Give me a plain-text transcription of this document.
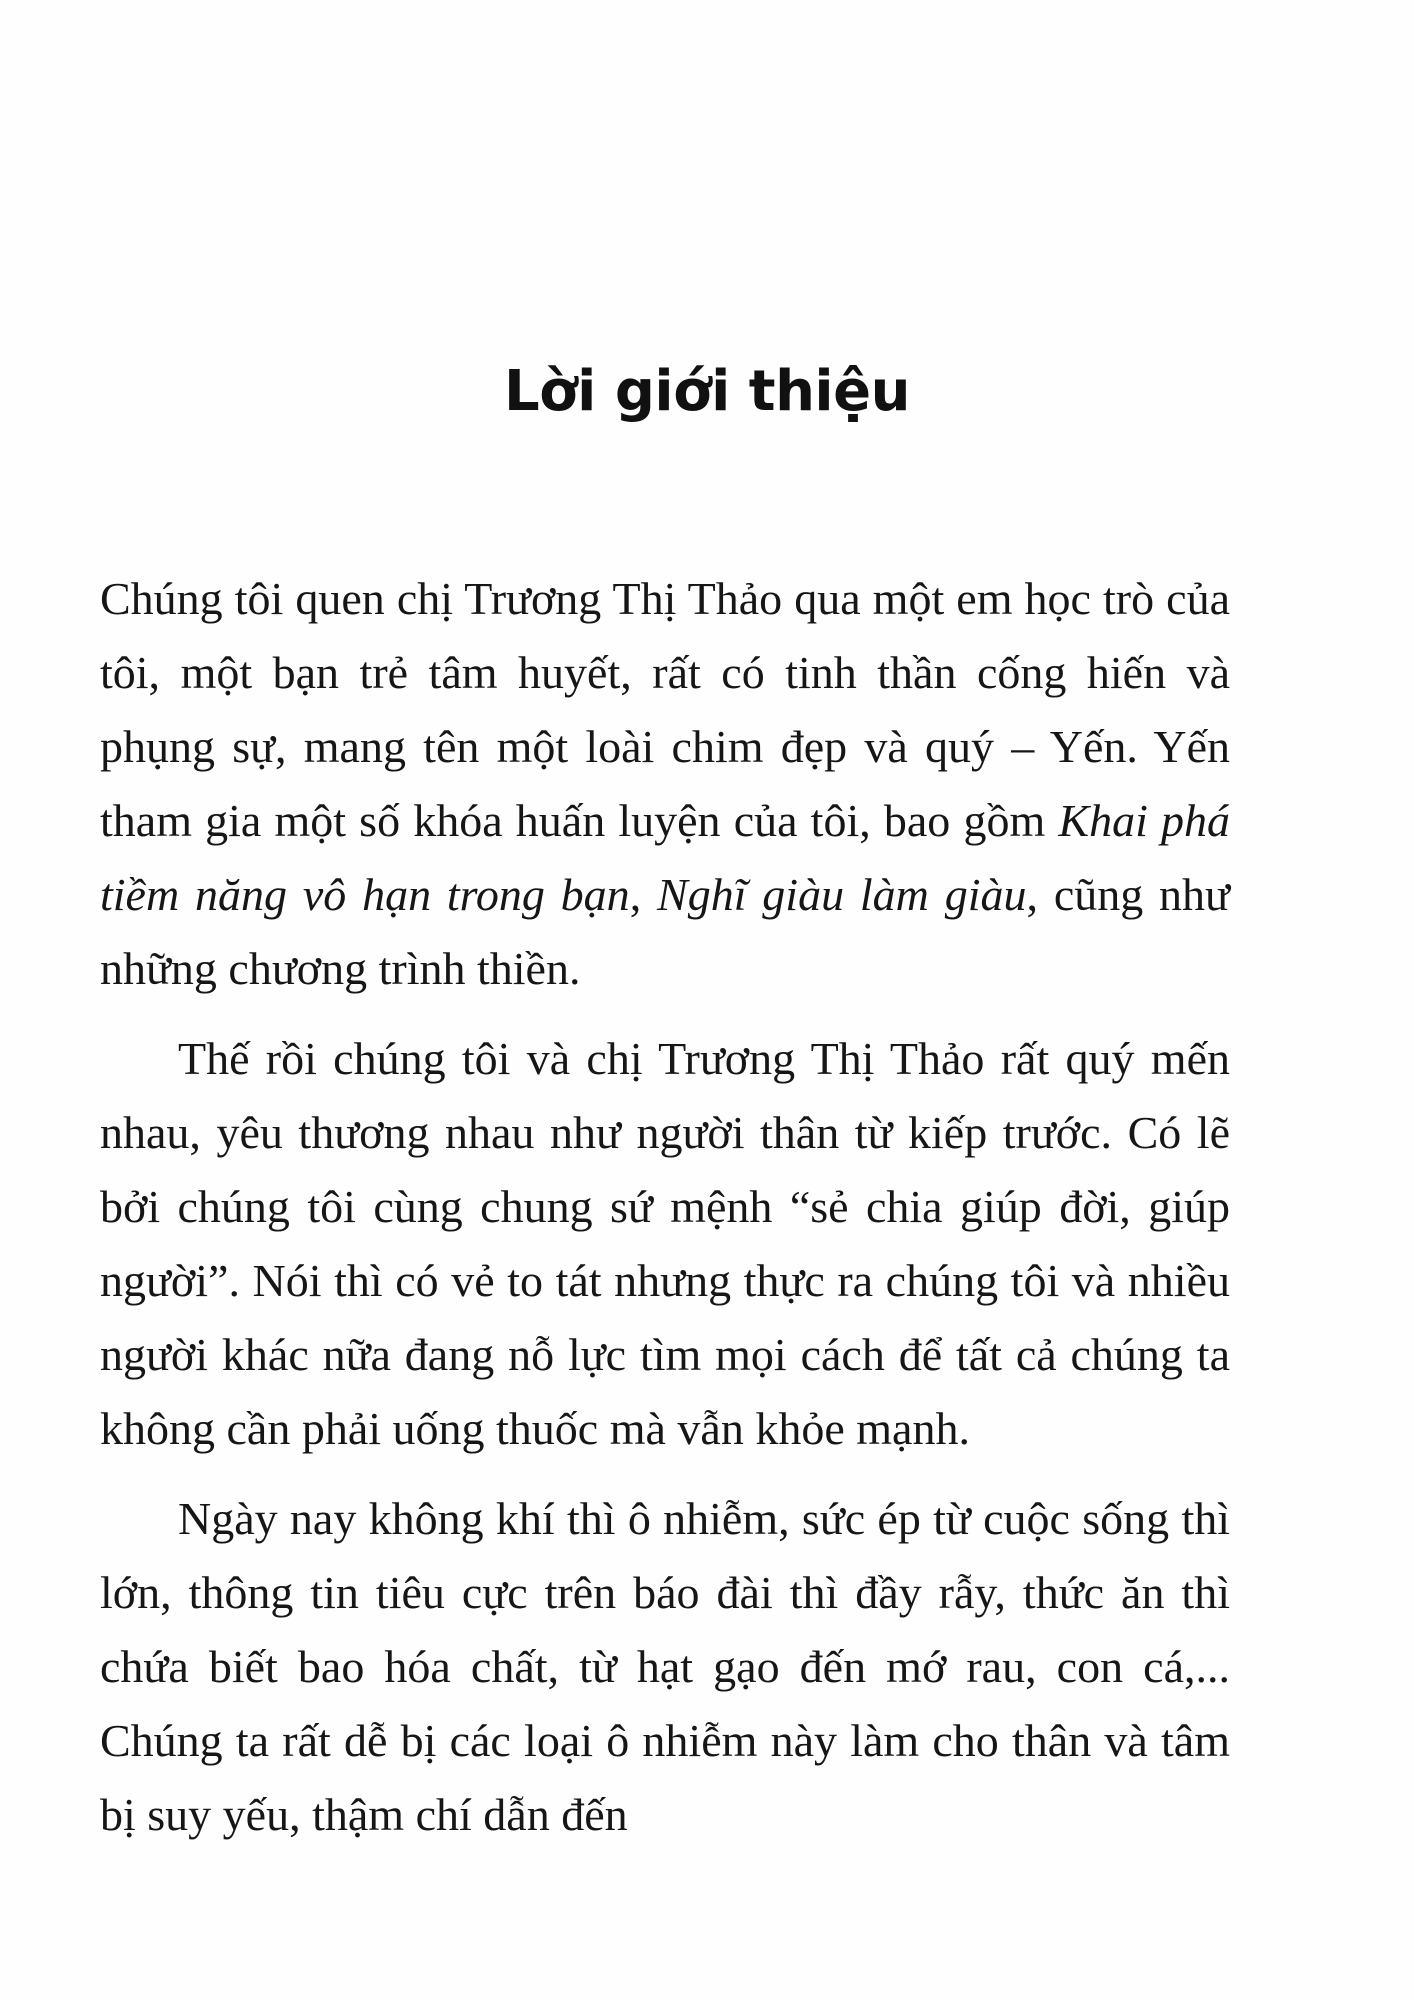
Lời giới thiệu

Chúng tôi quen chị Trương Thị Thảo qua một em học trò của tôi, một bạn trẻ tâm huyết, rất có tinh thần cống hiến và phụng sự, mang tên một loài chim đẹp và quý – Yến. Yến tham gia một số khóa huấn luyện của tôi, bao gồm Khai phá tiềm năng vô hạn trong bạn, Nghĩ giàu làm giàu, cũng như những chương trình thiền.

Thế rồi chúng tôi và chị Trương Thị Thảo rất quý mến nhau, yêu thương nhau như người thân từ kiếp trước. Có lẽ bởi chúng tôi cùng chung sứ mệnh “sẻ chia giúp đời, giúp người”. Nói thì có vẻ to tát nhưng thực ra chúng tôi và nhiều người khác nữa đang nỗ lực tìm mọi cách để tất cả chúng ta không cần phải uống thuốc mà vẫn khỏe mạnh.

Ngày nay không khí thì ô nhiễm, sức ép từ cuộc sống thì lớn, thông tin tiêu cực trên báo đài thì đầy rẫy, thức ăn thì chứa biết bao hóa chất, từ hạt gạo đến mớ rau, con cá,... Chúng ta rất dễ bị các loại ô nhiễm này làm cho thân và tâm bị suy yếu, thậm chí dẫn đến
